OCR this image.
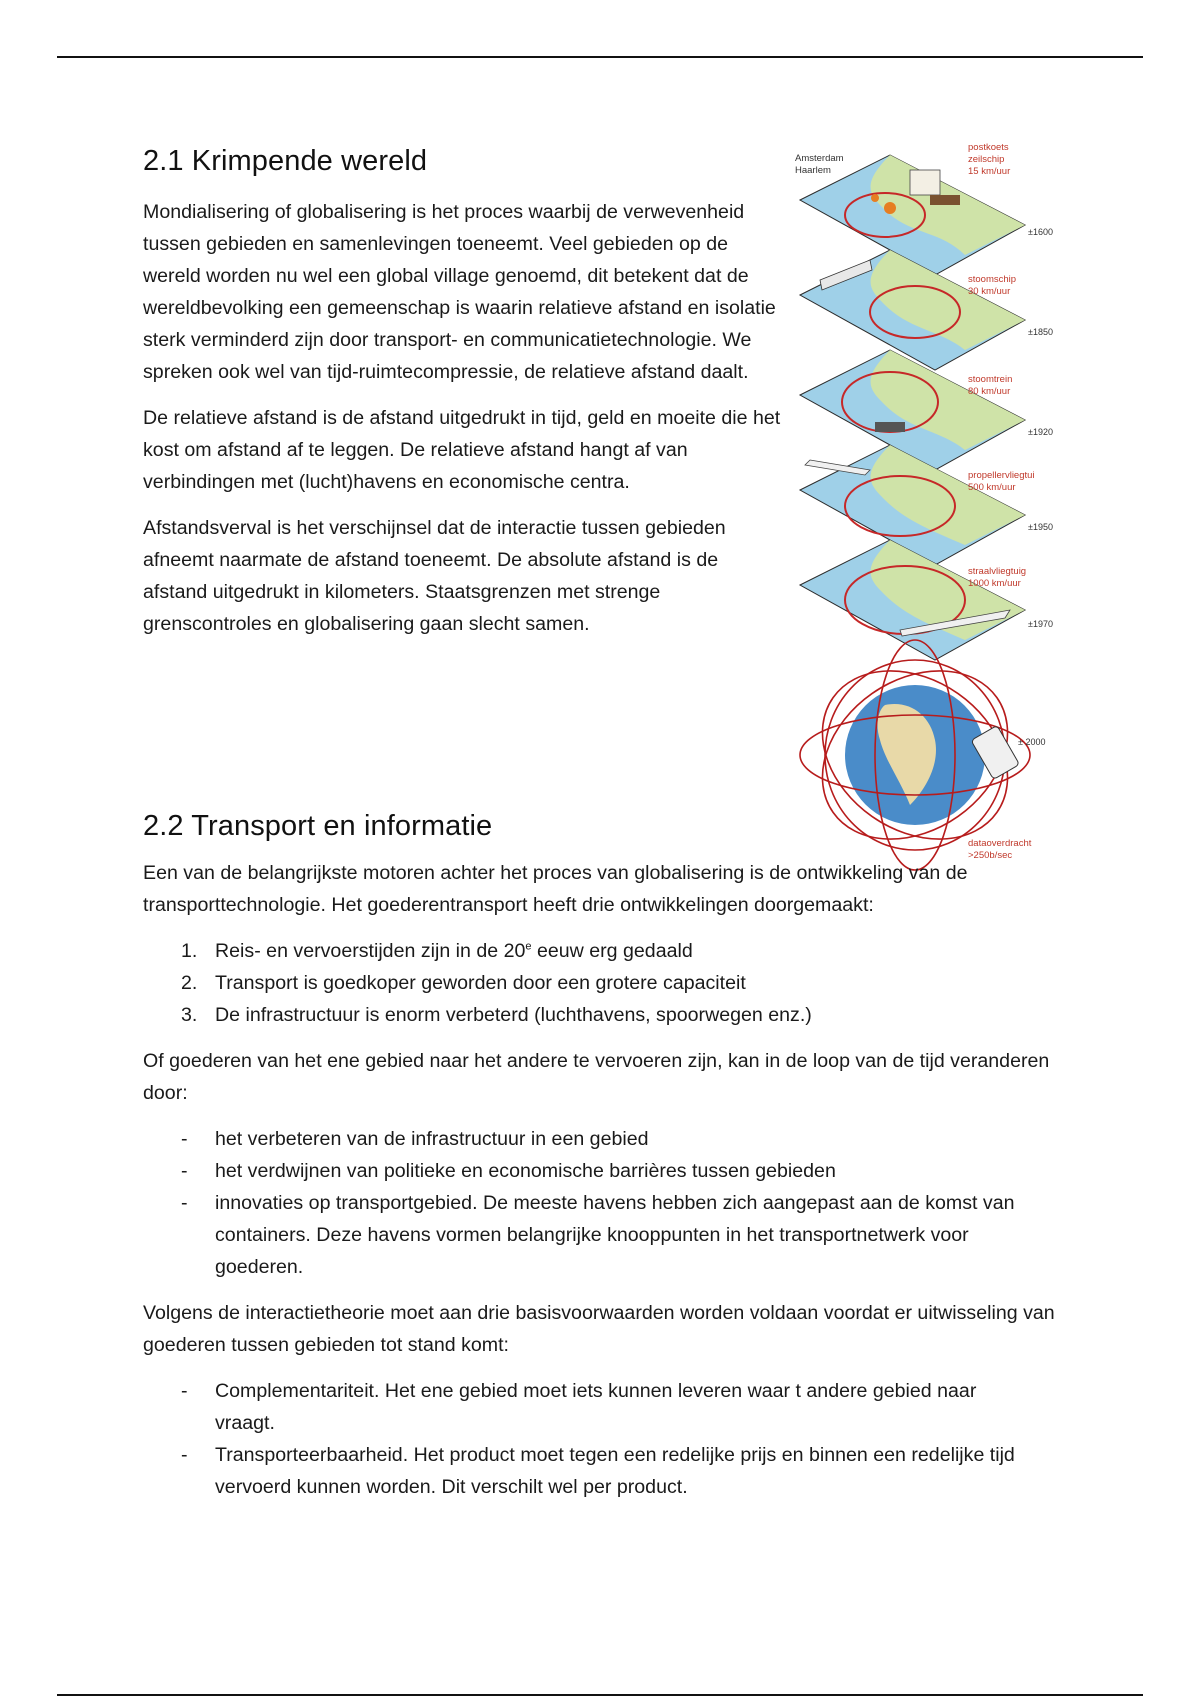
2.1 Krimpende wereld

Mondialisering of globalisering is het proces waarbij de verwevenheid tussen gebieden en samenlevingen toeneemt. Veel gebieden op de wereld worden nu wel een global village genoemd, dit betekent dat de wereldbevolking een gemeenschap is waarin relatieve afstand en isolatie sterk verminderd zijn door transport- en communicatietechnologie. We spreken ook wel van tijd-ruimtecompressie, de relatieve afstand daalt.

De relatieve afstand is de afstand uitgedrukt in tijd, geld en moeite die het kost om afstand af te leggen. De relatieve afstand hangt af van verbindingen met (lucht)havens en economische centra.

Afstandsverval is het verschijnsel dat de interactie tussen gebieden afneemt naarmate de afstand toeneemt. De absolute afstand is de afstand uitgedrukt in kilometers. Staatsgrenzen met strenge grenscontroles en globalisering gaan slecht samen.

Amsterdam
Haarlem
postkoets
zeilschip
15 km/uur
stoomschip
30 km/uur
stoomtrein
80 km/uur
propellervliegtui
500 km/uur
straalvliegtuig
1000 km/uur
dataoverdracht
>250b/sec
±1600
±1850
±1920
±1950
±1970
± 2000
2.2 Transport en informatie

Een van de belangrijkste motoren achter het proces van globalisering is de ontwikkeling van de transporttechnologie. Het goederentransport heeft drie ontwikkelingen doorgemaakt:

1. Reis- en vervoerstijden zijn in de 20e eeuw erg gedaald
2. Transport is goedkoper geworden door een grotere capaciteit
3. De infrastructuur is enorm verbeterd (luchthavens, spoorwegen enz.)

Of goederen van het ene gebied naar het andere te vervoeren zijn, kan in de loop van de tijd veranderen door:

- het verbeteren van de infrastructuur in een gebied
- het verdwijnen van politieke en economische barrières tussen gebieden
- innovaties op transportgebied. De meeste havens hebben zich aangepast aan de komst van containers. Deze havens vormen belangrijke knooppunten in het transportnetwerk voor goederen.

Volgens de interactietheorie moet aan drie basisvoorwaarden worden voldaan voordat er uitwisseling van goederen tussen gebieden tot stand komt:

- Complementariteit. Het ene gebied moet iets kunnen leveren waar t andere gebied naar vraagt.
- Transporteerbaarheid. Het product moet tegen een redelijke prijs en binnen een redelijke tijd vervoerd kunnen worden. Dit verschilt wel per product.
